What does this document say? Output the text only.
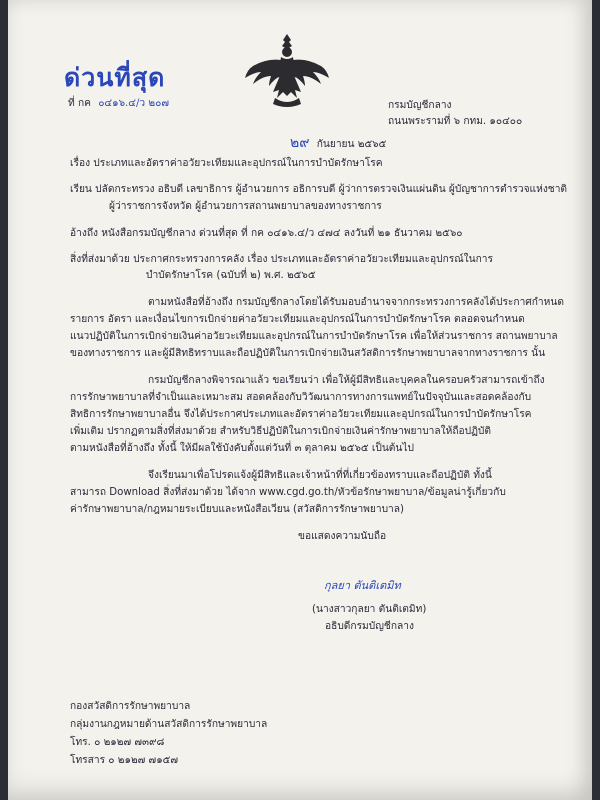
ด่วนที่สุด
ที่ กค ๐๔๑๖.๔/ว ๒๐๗	กรมบัญชีกลาง
ถนนพระรามที่ ๖ กทม. ๑๐๔๐๐
๒๙ กันยายน ๒๕๖๕
เรื่อง ประเภทและอัตราค่าอวัยวะเทียมและอุปกรณ์ในการบำบัดรักษาโรค
เรียน ปลัดกระทรวง อธิบดี เลขาธิการ ผู้อำนวยการ อธิการบดี ผู้ว่าการตรวจเงินแผ่นดิน ผู้บัญชาการตำรวจแห่งชาติ
ผู้ว่าราชการจังหวัด ผู้อำนวยการสถานพยาบาลของทางราชการ
อ้างถึง หนังสือกรมบัญชีกลาง ด่วนที่สุด ที่ กค ๐๔๑๖.๔/ว ๔๗๔ ลงวันที่ ๒๑ ธันวาคม ๒๕๖๐
สิ่งที่ส่งมาด้วย ประกาศกระทรวงการคลัง เรื่อง ประเภทและอัตราค่าอวัยวะเทียมและอุปกรณ์ในการ
บำบัดรักษาโรค (ฉบับที่ ๒) พ.ศ. ๒๕๖๕
ตามหนังสือที่อ้างถึง กรมบัญชีกลางโดยได้รับมอบอำนาจจากกระทรวงการคลังได้ประกาศกำหนด
รายการ อัตรา และเงื่อนไขการเบิกจ่ายค่าอวัยวะเทียมและอุปกรณ์ในการบำบัดรักษาโรค ตลอดจนกำหนด
แนวปฏิบัติในการเบิกจ่ายเงินค่าอวัยวะเทียมและอุปกรณ์ในการบำบัดรักษาโรค เพื่อให้ส่วนราชการ สถานพยาบาล
ของทางราชการ และผู้มีสิทธิทราบและถือปฏิบัติในการเบิกจ่ายเงินสวัสดิการรักษาพยาบาลจากทางราชการ นั้น
กรมบัญชีกลางพิจารณาแล้ว ขอเรียนว่า เพื่อให้ผู้มีสิทธิและบุคคลในครอบครัวสามารถเข้าถึง
การรักษาพยาบาลที่จำเป็นและเหมาะสม สอดคล้องกับวิวัฒนาการทางการแพทย์ในปัจจุบันและสอดคล้องกับ
สิทธิการรักษาพยาบาลอื่น จึงได้ประกาศประเภทและอัตราค่าอวัยวะเทียมและอุปกรณ์ในการบำบัดรักษาโรค
เพิ่มเติม ปรากฏตามสิ่งที่ส่งมาด้วย สำหรับวิธีปฏิบัติในการเบิกจ่ายเงินค่ารักษาพยาบาลให้ถือปฏิบัติ
ตามหนังสือที่อ้างถึง ทั้งนี้ ให้มีผลใช้บังคับตั้งแต่วันที่ ๓ ตุลาคม ๒๕๖๕ เป็นต้นไป
จึงเรียนมาเพื่อโปรดแจ้งผู้มีสิทธิและเจ้าหน้าที่ที่เกี่ยวข้องทราบและถือปฏิบัติ ทั้งนี้
สามารถ Download สิ่งที่ส่งมาด้วย ได้จาก www.cgd.go.th/หัวข้อรักษาพยาบาล/ข้อมูลน่ารู้เกี่ยวกับ
ค่ารักษาพยาบาล/กฎหมายระเบียบและหนังสือเวียน (สวัสดิการรักษาพยาบาล)
ขอแสดงความนับถือ
กุลยา ตันติเตมิท
(นางสาวกุลยา ตันติเตมิท)
อธิบดีกรมบัญชีกลาง
กองสวัสดิการรักษาพยาบาล
กลุ่มงานกฎหมายด้านสวัสดิการรักษาพยาบาล
โทร. ๐ ๒๑๒๗ ๗๓๙๘
โทรสาร ๐ ๒๑๒๗ ๗๑๕๗
